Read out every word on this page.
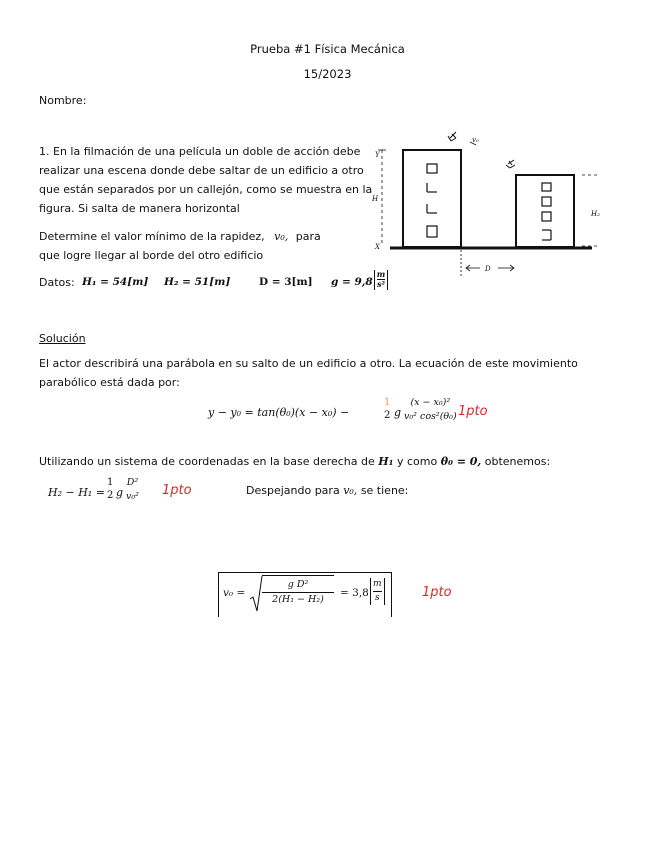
Prueba #1 Física Mecánica
15/2023
Nombre:
1. En la filmación de una película un doble de acción debe
realizar una escena donde debe saltar de un edificio a otro
que están separados por un callejón, como se muestra en la
figura. Si salta de manera horizontal
Determine el valor mínimo de la rapidez, v₀, para
que logre llegar al borde del otro edificio
Datos: H₁ = 54[m] H₂ = 51[m]	D = 3[m] $g = 9,8 \frac{m}{\text{s²}}$
Y
H
H₂
D
v₀
X
Solución
El actor describirá una parábola en su salto de un edificio a otro. La ecuación de este movimiento
parabólico está dada por:
y − y₀ = tan(θ₀)(x − x₀) −
1
2 g
(x − x₀)²
v₀² cos²(θ₀) 1pto
Utilizando un sistema de coordenadas en la base derecha de H₁ y como θ₀ = 0, obtenemos:
H₂ − H₁ =
1
2 g
D²
v₀² 1pto	Despejando para v₀, se tiene:
$v_0 = \frac{\text{g D²}}{\text{2(H₁ − H₂)}} = 3,8 \frac{m}{s}$	1pto
